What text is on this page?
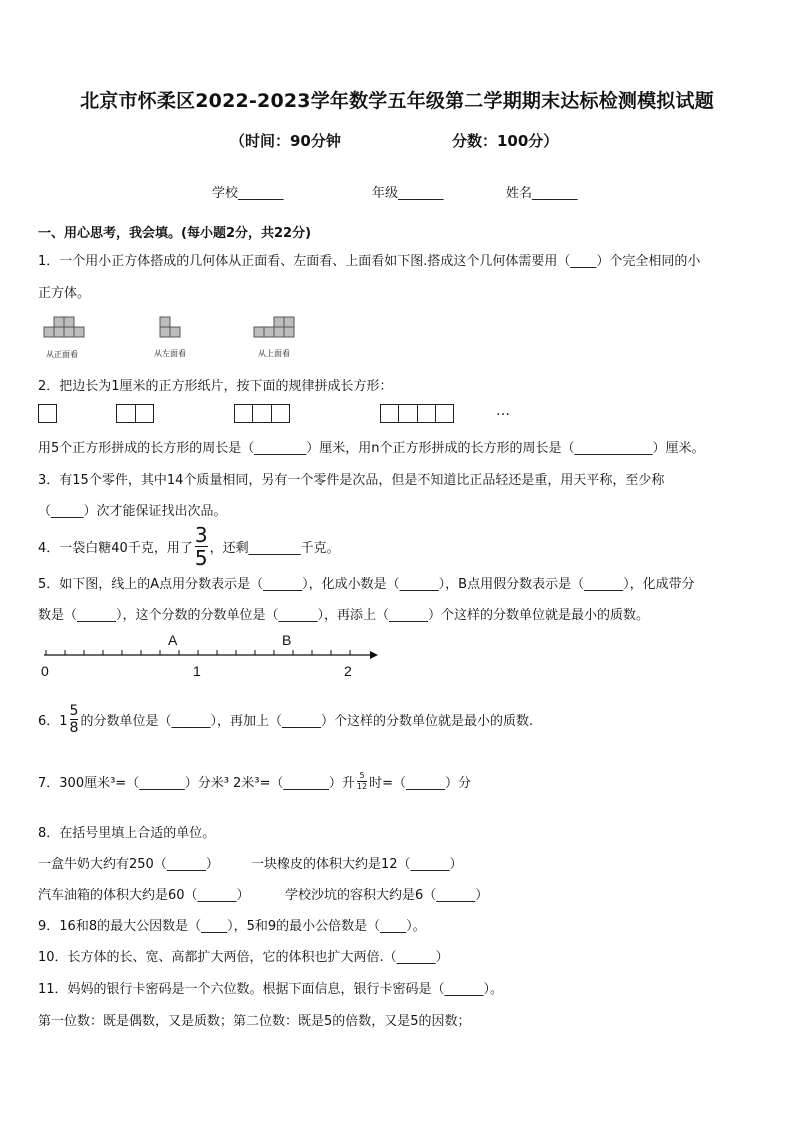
北京市怀柔区2022-2023学年数学五年级第二学期期末达标检测模拟试题
（时间：90分钟	分数：100分）
学校_______	年级_______	姓名_______
一、用心思考，我会填。(每小题2分，共22分)
1．一个用小正方体搭成的几何体从正面看、左面看、上面看如下图.搭成这个几何体需要用（____）个完全相同的小
正方体。
从正面看	从左面看	从上面看
2．把边长为1厘米的正方形纸片，按下面的规律拼成长方形：
…
用5个正方形拼成的长方形的周长是（________）厘米，用n个正方形拼成的长方形的周长是（____________）厘米。
3．有15个零件，其中14个质量相同，另有一个零件是次品，但是不知道比正品轻还是重，用天平称，至少称
（_____）次才能保证找出次品。
4．一袋白糖40千克，用了 $\frac{3}{5}$ ，还剩________千克。
5．如下图，线上的A点用分数表示是（______），化成小数是（______），B点用假分数表示是（______），化成带分
数是（______），这个分数的分数单位是（______），再添上（______）个这样的分数单位就是最小的质数。
A	B
0	1	2
6．$1 \frac{5}{8}$ 的分数单位是（______），再加上（______）个这样的分数单位就是最小的质数.
7．300厘米³=（_______）分米³ 2米³=（_______）升 $\frac{5}{12}$ 时=（______）分
8．在括号里填上合适的单位。
一盒牛奶大约有250（______） 一块橡皮的体积大约是12（______）
汽车油箱的体积大约是60（______）	学校沙坑的容积大约是6（______）
9．16和8的最大公因数是（____），5和9的最小公倍数是（____）。
10．长方体的长、宽、高都扩大两倍，它的体积也扩大两倍.（______）
11．妈妈的银行卡密码是一个六位数。根据下面信息，银行卡密码是（______）。
第一位数：既是偶数，又是质数；第二位数：既是5的倍数，又是5的因数；
